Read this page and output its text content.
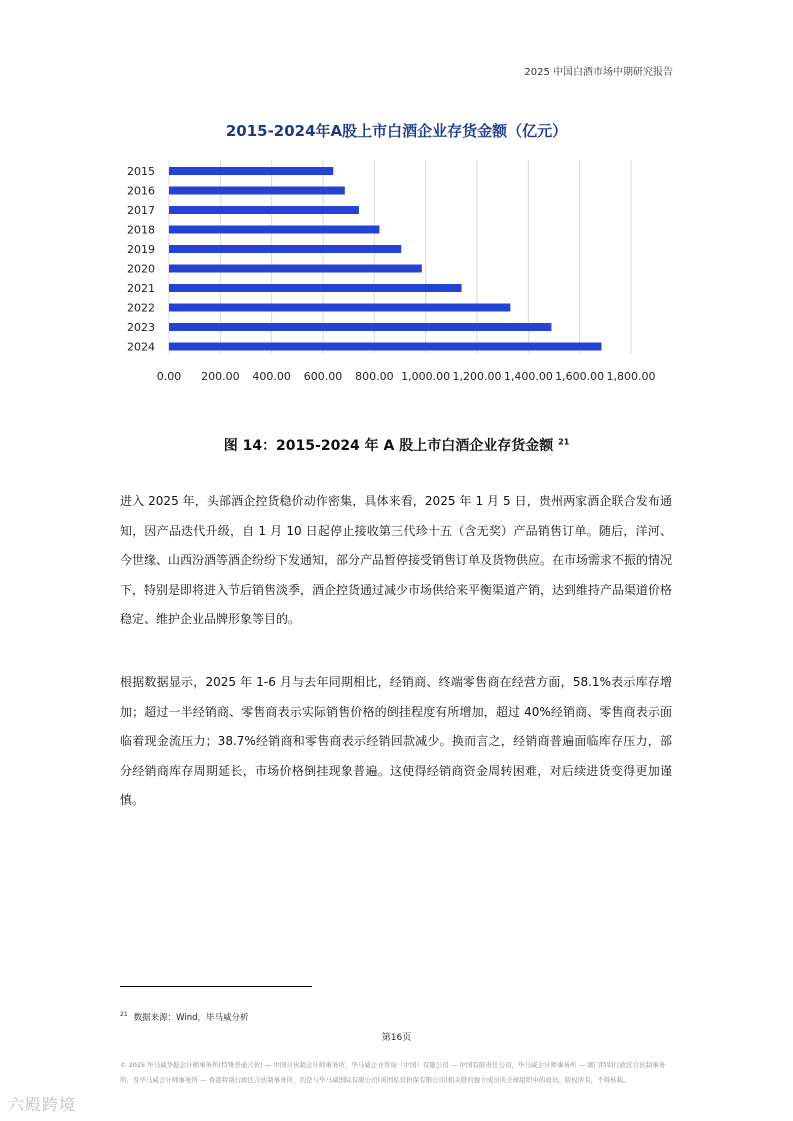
2025 中国白酒市场中期研究报告
2015-2024年A股上市白酒企业存货金额（亿元）
0.00 200.00 400.00 600.00 800.00 1,000.00 1,200.00 1,400.00 1,600.00 1,800.00
2015
2016
2017
2018
2019
2020
2021
2022
2023
2024
图 14：2015-2024 年 A 股上市白酒企业存货金额 $^{21}$

进入 2025 年，头部酒企控货稳价动作密集，具体来看，2025 年 1 月 5 日，贵州两家酒企联合发布通知，因产品迭代升级，自 1 月 10 日起停止接收第三代珍十五（含无奖）产品销售订单。随后，洋河、今世缘、山西汾酒等酒企纷纷下发通知，部分产品暂停接受销售订单及货物供应。在市场需求不振的情况下，特别是即将进入节后销售淡季，酒企控货通过减少市场供给来平衡渠道产销，达到维持产品渠道价格稳定、维护企业品牌形象等目的。

根据数据显示，2025 年 1-6 月与去年同期相比，经销商、终端零售商在经营方面，58.1%表示库存增加；超过一半经销商、零售商表示实际销售价格的倒挂程度有所增加，超过 40%经销商、零售商表示面临着现金流压力；38.7%经销商和零售商表示经销回款减少。换而言之，经销商普遍面临库存压力，部分经销商库存周期延长，市场价格倒挂现象普遍。这使得经销商资金周转困难，对后续进货变得更加谨慎。

$^{21}$ 数据来源：Wind，毕马威分析
第16页
© 2025 毕马威华振会计师事务所(特殊普通合伙) — 中国合伙制会计师事务所，毕马威企业咨询（中国）有限公司 — 中国有限责任公司，毕马威会计师事务所 — 澳门特别行政区合伙制事务所，及毕马威会计师事务所 — 香港特别行政区合伙制事务所，均是与毕马威国际有限公司(英国私营担保有限公司)相关联的独立成员所全球组织中的成员。版权所有，不得转载。
六殿跨境
